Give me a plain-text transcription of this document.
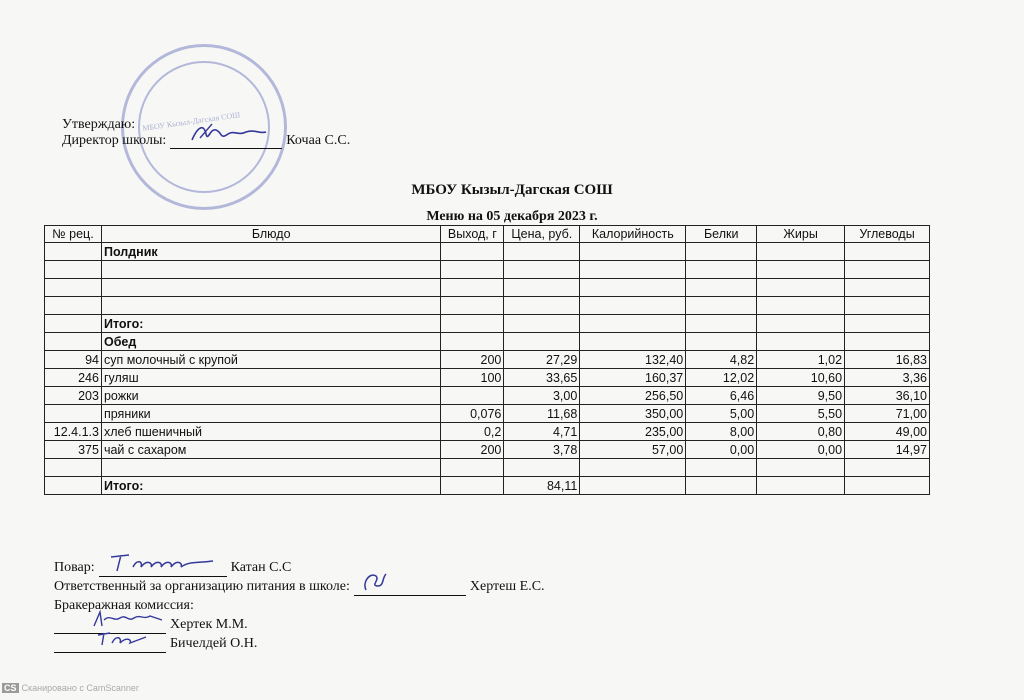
МБОУ Кызыл-Дагская СОШ
Утверждаю:
Директор школы:	Кочаа С.С.
МБОУ Кызыл-Дагская СОШ
Меню на 05 декабря 2023 г.
№ рец.	Блюдо	Выход, г	Цена, руб.	Калорийность	Белки	Жиры	Углеводы
	Полдник						

	Итого:						
	Обед						
94	суп молочный с крупой	200	27,29	132,40	4,82	1,02	16,83
246	гуляш	100	33,65	160,37	12,02	10,60	3,36
203	рожки		3,00	256,50	6,46	9,50	36,10
	пряники	0,076	11,68	350,00	5,00	5,50	71,00
12.4.1.3	хлеб пшеничный	0,2	4,71	235,00	8,00	0,80	49,00
375	чай с сахаром	200	3,78	57,00	0,00	0,00	14,97

	Итого:		84,11				
Повар:	Катан С.С
Ответственный за организацию питания в школе:	Хертеш Е.С.
Бракеражная комиссия:
Хертек М.М.
Бичелдей О.Н.
CS Сканировано с CamScanner
